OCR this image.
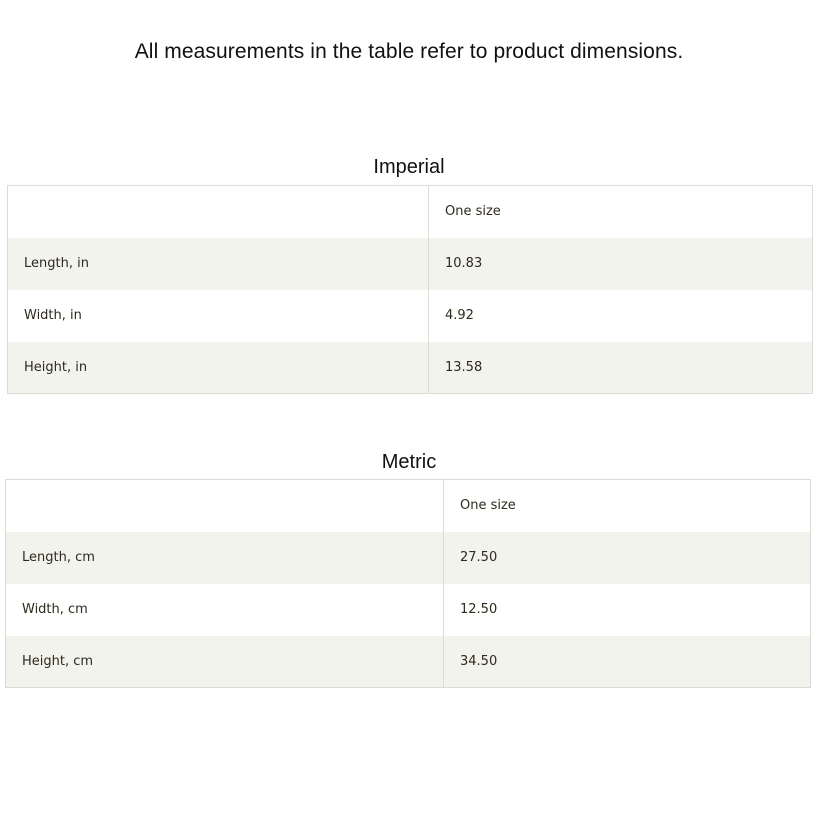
All measurements in the table refer to product dimensions.
Imperial
	One size
Length, in	10.83
Width, in	4.92
Height, in	13.58
Metric
	One size
Length, cm	27.50
Width, cm	12.50
Height, cm	34.50
